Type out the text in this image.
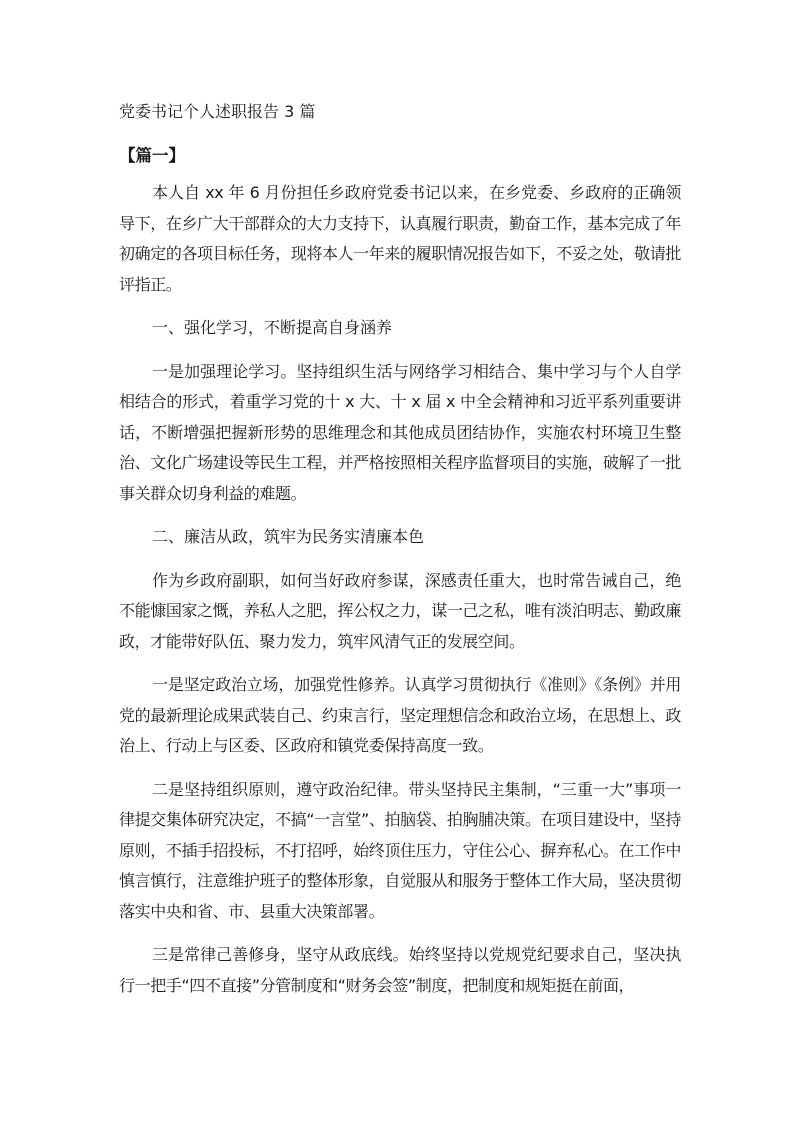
党委书记个人述职报告 3 篇
【篇一】

本人自 xx 年 6 月份担任乡政府党委书记以来，在乡党委、乡政府的正确领导下，在乡广大干部群众的大力支持下，认真履行职责，勤奋工作，基本完成了年初确定的各项目标任务，现将本人一年来的履职情况报告如下，不妥之处，敬请批评指正。

一、强化学习，不断提高自身涵养

一是加强理论学习。坚持组织生活与网络学习相结合、集中学习与个人自学相结合的形式，着重学习党的十 x 大、十 x 届 x 中全会精神和习近平系列重要讲话，不断增强把握新形势的思维理念和其他成员团结协作，实施农村环境卫生整治、文化广场建设等民生工程，并严格按照相关程序监督项目的实施，破解了一批事关群众切身利益的难题。

二、廉洁从政，筑牢为民务实清廉本色

作为乡政府副职，如何当好政府参谋，深感责任重大，也时常告诫自己，绝不能慷国家之慨，养私人之肥，挥公权之力，谋一己之私，唯有淡泊明志、勤政廉政，才能带好队伍、聚力发力，筑牢风清气正的发展空间。

一是坚定政治立场，加强党性修养。认真学习贯彻执行《准则》《条例》并用党的最新理论成果武装自己、约束言行，坚定理想信念和政治立场，在思想上、政治上、行动上与区委、区政府和镇党委保持高度一致。

二是坚持组织原则，遵守政治纪律。带头坚持民主集制，“三重一大”事项一律提交集体研究决定，不搞“一言堂”、拍脑袋、拍胸脯决策。在项目建设中，坚持原则，不插手招投标，不打招呼，始终顶住压力，守住公心、摒弃私心。在工作中慎言慎行，注意维护班子的整体形象，自觉服从和服务于整体工作大局，坚决贯彻落实中央和省、市、县重大决策部署。

三是常律己善修身，坚守从政底线。始终坚持以党规党纪要求自己，坚决执行一把手“四不直接”分管制度和“财务会签”制度，把制度和规矩挺在前面，
